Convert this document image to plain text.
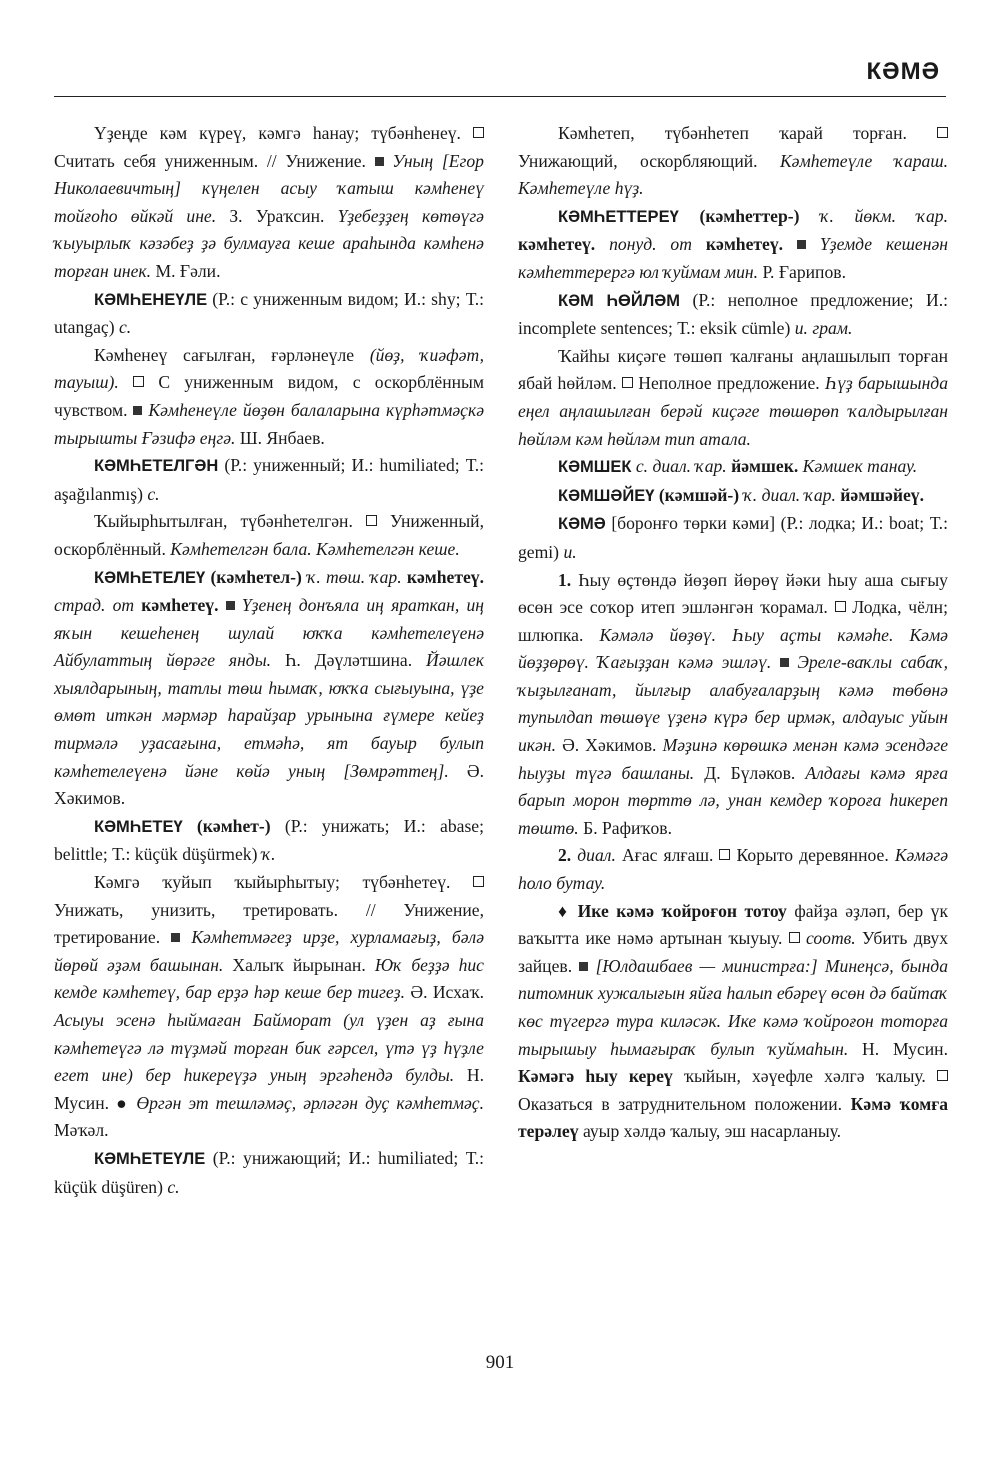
КӘМӘ

Үҙеңде кәм күреү, кәмгә һанау; түбәнһенеү.  Считать себя униженным. // Унижение. Уның [Егор Николаевичтың] күңелен асыу ҡатыш кәмһенеү тойғоһо өйкәй ине. З. Ураҡсин. Үҙебеҙҙең көтөүгә ҡыуырлыҡ кәзәбеҙ ҙә булмауға кеше араһында кәмһенә торған инек. М. Ғәли.

КӘМҺЕНЕҮЛЕ (Р.: с униженным видом; И.: shy; Т.: utangaç) с.

Кәмһенеү сағылған, ғәрләнеүле (йөҙ, ҡиәфәт, тауыш). С униженным видом, с оскорблённым чувством. Кәмһенеүле йөҙөн балаларына күрһәтмәҫкә тырышты Ғәзифә еңгә. Ш. Янбаев.

КӘМҺЕТЕЛГӘН (Р.: униженный; И.: humiliated; Т.: aşağılanmış) с.

Ҡыйырһытылған, түбәнһетелгән. Униженный, оскорблённый. Кәмһетелгән бала. Кәмһетелгән кеше.

КӘМҺЕТЕЛЕҮ (кәмһетел-) ҡ. төш. ҡар. кәмһетеү. страд. от кәмһетеү. Үҙенең донъяла иң яраткан, иң яҡын кешеһенең шулай юҡҡа кәмһетелеүенә Айбулаттың йөрәге янды. Һ. Дәүләтшина. Йәшлек хыялдарының, татлы төш һымаҡ, юҡҡа сығыуына, үҙе өмөт иткән мәрмәр һарайҙар урынына ғүмере кейеҙ тирмәлә уҙасағына, етмәһә, ят бауыр булып кәмһетелеүенә йәне көйә уның [Зөмрәттең]. Ә. Хәкимов.

КӘМҺЕТЕҮ (кәмһет-) (Р.: унижать; И.: abase; belittle; Т.: küçük düşürmek) ҡ.

Кәмгә ҡуйып ҡыйырһытыу; түбәнһетеү.  Унижать, унизить, третировать. // Унижение, третирование. Кәмһетмәгеҙ ирҙе, хурламағыҙ, бәлә йөрөй әҙәм башынан. Халыҡ йырынан. Юҡ беҙҙә һис кемде кәмһетеү, бар ерҙә һәр кеше бер тигеҙ. Ә. Исхаҡ. Асыуы эсенә һыймаған Байморат (ул үҙен аҙ ғына кәмһетеүгә лә түҙмәй торған бик ғәрсел, үтә үҙ һүҙле егет ине) бер һикереүҙә уның эргәһендә булды. Н. Мусин. ● Өргән эт тешләмәҫ, әрләгән дуҫ кәмһетмәҫ. Мәҡәл.

КӘМҺЕТЕҮЛЕ (Р.: унижающий; И.: humiliated; Т.: küçük düşüren) с.

Кәмһетеп, түбәнһетеп ҡарай торған.  Унижающий, оскорбляющий. Кәмһетеүле ҡараш. Кәмһетеүле һүҙ.

КӘМҺЕТТЕРЕҮ (кәмһеттер-) ҡ. йөкм. ҡар. кәмһетеү. понуд. от кәмһетеү. Үҙемде кешенән кәмһеттерергә юл ҡуймам мин. Р. Ғарипов.

КӘМ ҺӨЙЛӘМ (Р.: неполное предложение; И.: incomplete sentences; Т.: eksik cümle) и. грам.

Ҡайһы киҫәге төшөп ҡалғаны аңлашылып торған ябай һөйләм. Неполное предложение. Һүҙ барышында еңел аңлашылған берәй киҫәге төшөрөп ҡалдырылған һөйләм кәм һөйләм тип атала.

КӘМШЕК с. диал. ҡар. йәмшек. Кәмшек танау.

КӘМШӘЙЕҮ (кәмшәй-) ҡ. диал. ҡар. йәмшәйеү.

КӘМӘ [боронғо төрки кәми] (Р.: лодка; И.: boat; Т.: gemi) и.

1. Һыу өҫтөндә йөҙөп йөрөү йәки һыу аша сығыу өсөн эсе соҡор итеп эшләнгән ҡорамал. Лодка, чёлн; шлюпка. Кәмәлә йөҙөү. Һыу аҫты кәмәһе. Кәмә йөҙҙөрөү. Ҡағыҙҙан кәмә эшләү. Эреле-ваҡлы сабаҡ, ҡыҙылғанат, йылғыр алабуғаларҙың кәмә төбөнә тупылдап төшөүе үҙенә күрә бер ирмәк, алдауыс уйын икән. Ә. Хәкимов. Мәҙинә көрөшкә менән кәмә эсендәге һыуҙы түгә башланы. Д. Бүләков. Алдағы кәмә ярға барып морон төрттө лә, унан кемдер ҡороға һикереп төштө. Б. Рафиҡов.

2. диал. Ағас ялғаш. Корыто деревянное. Кәмәгә һоло бутау.

♦ Ике кәмә ҡойроғон тотоу файҙа әҙләп, бер үк ваҡытта ике нәмә артынан ҡыуыу. соотв. Убить двух зайцев. [Юлдашбаев — министрға:] Минеңсә, бында питомник хужалығын яйға һалып ебәреү өсөн дә байтаҡ көс түгергә тура киләсәк. Ике кәмә ҡойроғон тоторға тырышыу һымағыраҡ булып ҡуймаһын. Н. Мусин. Кәмәгә һыу кереү ҡыйын, хәүефле хәлгә ҡалыу.  Оказаться в затруднительном положении. Кәмә ҡомға терәлеү ауыр хәлдә ҡалыу, эш насарланыу.

901
